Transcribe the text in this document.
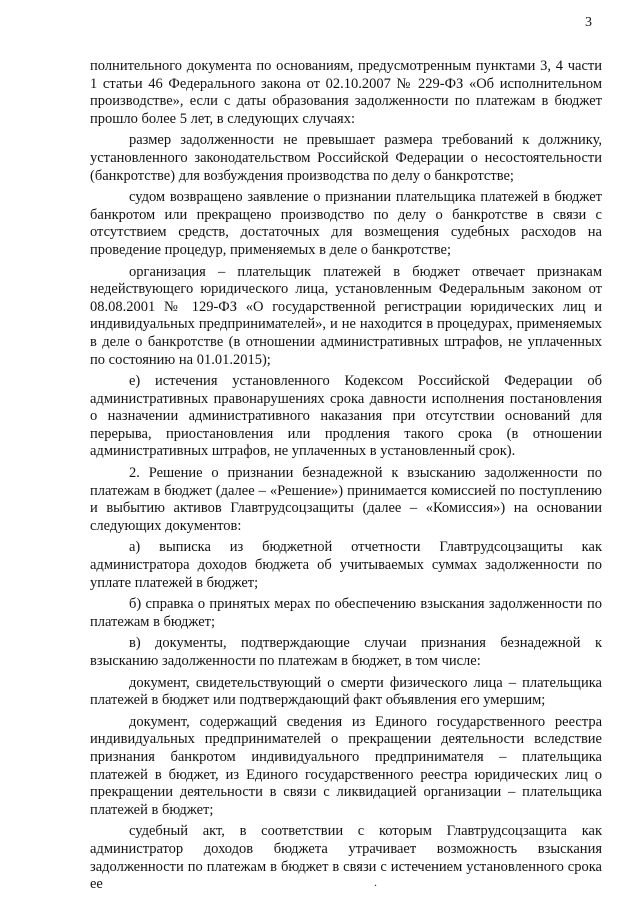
3

полнительного документа по основаниям, предусмотренным пунктами 3, 4 части 1 статьи 46 Федерального закона от 02.10.2007 № 229-ФЗ «Об исполнительном производстве», если с даты образования задолженности по платежам в бюджет прошло более 5 лет, в следующих случаях:

размер задолженности не превышает размера требований к должнику, установленного законодательством Российской Федерации о несостоятельности (банкротстве) для возбуждения производства по делу о банкротстве;

судом возвращено заявление о признании плательщика платежей в бюджет банкротом или прекращено производство по делу о банкротстве в связи с отсутствием средств, достаточных для возмещения судебных расходов на проведение процедур, применяемых в деле о банкротстве;

организация – плательщик платежей в бюджет отвечает признакам недействующего юридического лица, установленным Федеральным законом от 08.08.2001 № 129-ФЗ «О государственной регистрации юридических лиц и индивидуальных предпринимателей», и не находится в процедурах, применяемых в деле о банкротстве (в отношении административных штрафов, не уплаченных по состоянию на 01.01.2015);

е) истечения установленного Кодексом Российской Федерации об административных правонарушениях срока давности исполнения постановления о назначении административного наказания при отсутствии оснований для перерыва, приостановления или продления такого срока (в отношении административных штрафов, не уплаченных в установленный срок).

2. Решение о признании безнадежной к взысканию задолженности по платежам в бюджет (далее – «Решение») принимается комиссией по поступлению и выбытию активов Главтрудсоцзащиты (далее – «Комиссия») на основании следующих документов:

а) выписка из бюджетной отчетности Главтрудсоцзащиты как администратора доходов бюджета об учитываемых суммах задолженности по уплате платежей в бюджет;

б) справка о принятых мерах по обеспечению взыскания задолженности по платежам в бюджет;

в) документы, подтверждающие случаи признания безнадежной к взысканию задолженности по платежам в бюджет, в том числе:

документ, свидетельствующий о смерти физического лица – плательщика платежей в бюджет или подтверждающий факт объявления его умершим;

документ, содержащий сведения из Единого государственного реестра индивидуальных предпринимателей о прекращении деятельности вследствие признания банкротом индивидуального предпринимателя – плательщика платежей в бюджет, из Единого государственного реестра юридических лиц о прекращении деятельности в связи с ликвидацией организации – плательщика платежей в бюджет;

судебный акт, в соответствии с которым Главтрудсоцзащита как администратор доходов бюджета утрачивает возможность взыскания задолженности по платежам в бюджет в связи с истечением установленного срока ее	.
